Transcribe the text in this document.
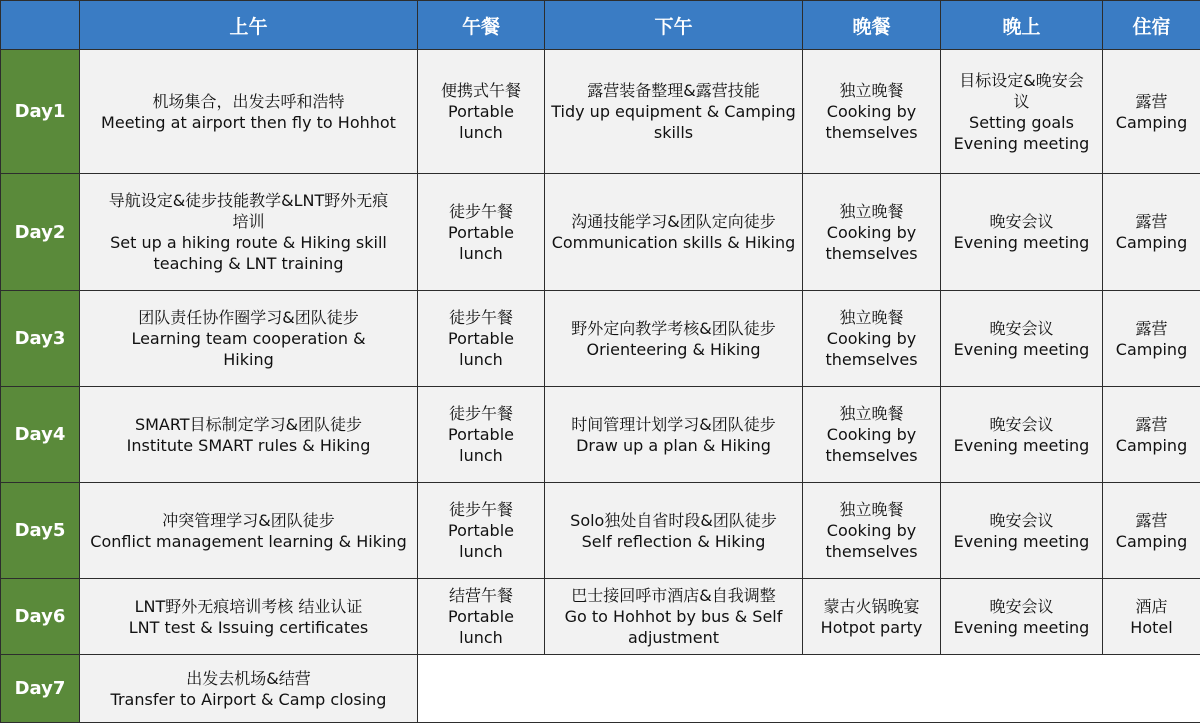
	上午	午餐	下午	晚餐	晚上	住宿
Day1	机场集合，出发去呼和浩特
Meeting at airport then fly to Hohhot	便携式午餐
Portable
lunch	露营装备整理&露营技能
Tidy up equipment & Camping
skills	独立晚餐
Cooking by
themselves	目标设定&晚安会
议
Setting goals
Evening meeting	露营
Camping

Day2	导航设定&徒步技能教学&LNT野外无痕
培训
Set up a hiking route & Hiking skill
teaching & LNT training	徒步午餐
Portable
lunch	沟通技能学习&团队定向徒步
Communication skills & Hiking	独立晚餐
Cooking by
themselves	晚安会议
Evening meeting	露营
Camping

Day3	团队责任协作圈学习&团队徒步
Learning team cooperation &
Hiking	徒步午餐
Portable
lunch	野外定向教学考核&团队徒步
Orienteering & Hiking	独立晚餐
Cooking by
themselves	晚安会议
Evening meeting	露营
Camping

Day4	SMART目标制定学习&团队徒步
Institute SMART rules & Hiking	徒步午餐
Portable
lunch	时间管理计划学习&团队徒步
Draw up a plan & Hiking	独立晚餐
Cooking by
themselves	晚安会议
Evening meeting	露营
Camping

Day5	冲突管理学习&团队徒步
Conflict management learning & Hiking	徒步午餐
Portable
lunch	Solo独处自省时段&团队徒步
Self reflection & Hiking	独立晚餐
Cooking by
themselves	晚安会议
Evening meeting	露营
Camping

Day6	LNT野外无痕培训考核 结业认证
LNT test & Issuing certificates	结营午餐
Portable
lunch	巴士接回呼市酒店&自我调整
Go to Hohhot by bus & Self
adjustment	蒙古火锅晚宴
Hotpot party	晚安会议
Evening meeting	酒店
Hotel

Day7	出发去机场&结营
Transfer to Airport & Camp closing					
